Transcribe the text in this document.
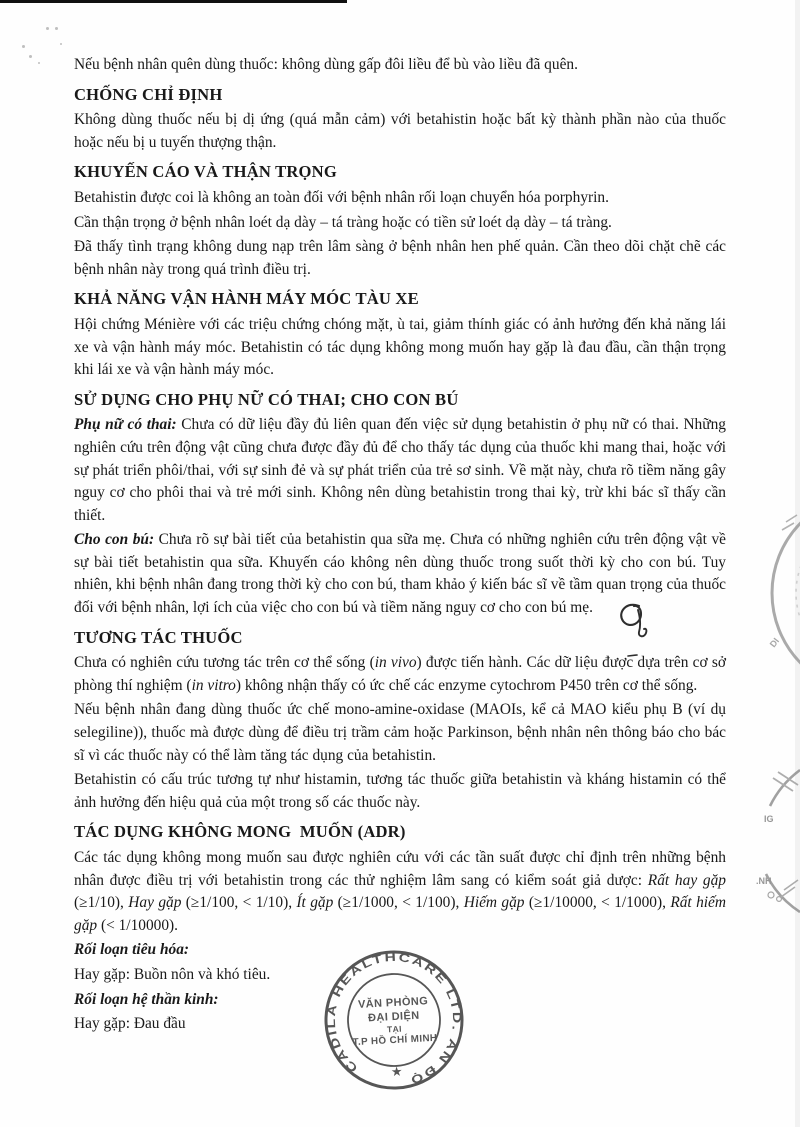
Nếu bệnh nhân quên dùng thuốc: không dùng gấp đôi liều để bù vào liều đã quên.

CHỐNG CHỈ ĐỊNH

Không dùng thuốc nếu bị dị ứng (quá mẫn cảm) với betahistin hoặc bất kỳ thành phần nào của thuốc hoặc nếu bị u tuyến thượng thận.

KHUYẾN CÁO VÀ THẬN TRỌNG

Betahistin được coi là không an toàn đối với bệnh nhân rối loạn chuyển hóa porphyrin.

Cần thận trọng ở bệnh nhân loét dạ dày – tá tràng hoặc có tiền sử loét dạ dày – tá tràng.

Đã thấy tình trạng không dung nạp trên lâm sàng ở bệnh nhân hen phế quản. Cần theo dõi chặt chẽ các bệnh nhân này trong quá trình điều trị.

KHẢ NĂNG VẬN HÀNH MÁY MÓC TÀU XE

Hội chứng Ménière với các triệu chứng chóng mặt, ù tai, giảm thính giác có ảnh hưởng đến khả năng lái xe và vận hành máy móc. Betahistin có tác dụng không mong muốn hay gặp là đau đầu, cần thận trọng khi lái xe và vận hành máy móc.

SỬ DỤNG CHO PHỤ NỮ CÓ THAI; CHO CON BÚ

Phụ nữ có thai: Chưa có dữ liệu đầy đủ liên quan đến việc sử dụng betahistin ở phụ nữ có thai. Những nghiên cứu trên động vật cũng chưa được đầy đủ để cho thấy tác dụng của thuốc khi mang thai, hoặc với sự phát triển phôi/thai, với sự sinh đẻ và sự phát triển của trẻ sơ sinh. Về mặt này, chưa rõ tiềm năng gây nguy cơ cho phôi thai và trẻ mới sinh. Không nên dùng betahistin trong thai kỳ, trừ khi bác sĩ thấy cần thiết.

Cho con bú: Chưa rõ sự bài tiết của betahistin qua sữa mẹ. Chưa có những nghiên cứu trên động vật về sự bài tiết betahistin qua sữa. Khuyến cáo không nên dùng thuốc trong suốt thời kỳ cho con bú. Tuy nhiên, khi bệnh nhân đang trong thời kỳ cho con bú, tham khảo ý kiến bác sĩ về tầm quan trọng của thuốc đối với bệnh nhân, lợi ích của việc cho con bú và tiềm năng nguy cơ cho con bú mẹ.

TƯƠNG TÁC THUỐC

Chưa có nghiên cứu tương tác trên cơ thể sống (in vivo) được tiến hành. Các dữ liệu được dựa trên cơ sở phòng thí nghiệm (in vitro) không nhận thấy có ức chế các enzyme cytochrom P450 trên cơ thể sống.

Nếu bệnh nhân đang dùng thuốc ức chế mono-amine-oxidase (MAOIs, kể cả MAO kiểu phụ B (ví dụ selegiline)), thuốc mà được dùng để điều trị trầm cảm hoặc Parkinson, bệnh nhân nên thông báo cho bác sĩ vì các thuốc này có thể làm tăng tác dụng của betahistin.

Betahistin có cấu trúc tương tự như histamin, tương tác thuốc giữa betahistin và kháng histamin có thể ảnh hưởng đến hiệu quả của một trong số các thuốc này.

TÁC DỤNG KHÔNG MONG  MUỐN (ADR)

Các tác dụng không mong muốn sau được nghiên cứu với các tần suất được chỉ định trên những bệnh nhân được điều trị với betahistin trong các thử nghiệm lâm sang có kiểm soát giả dược: Rất hay gặp (≥1/10), Hay gặp (≥1/100, < 1/10), Ít gặp (≥1/1000, < 1/100), Hiếm gặp (≥1/10000, < 1/1000), Rất hiếm gặp (< 1/10000).

Rối loạn tiêu hóa:

Hay gặp: Buồn nôn và khó tiêu.

Rối loạn hệ thần kinh:

Hay gặp: Đau đầu

DI
IG
.NH
CADILA HEALTHCARE LTD. ẤN ĐỘ
★
VĂN PHÒNG
ĐẠI DIỆN
TẠI
T.P HỒ CHÍ MINH
